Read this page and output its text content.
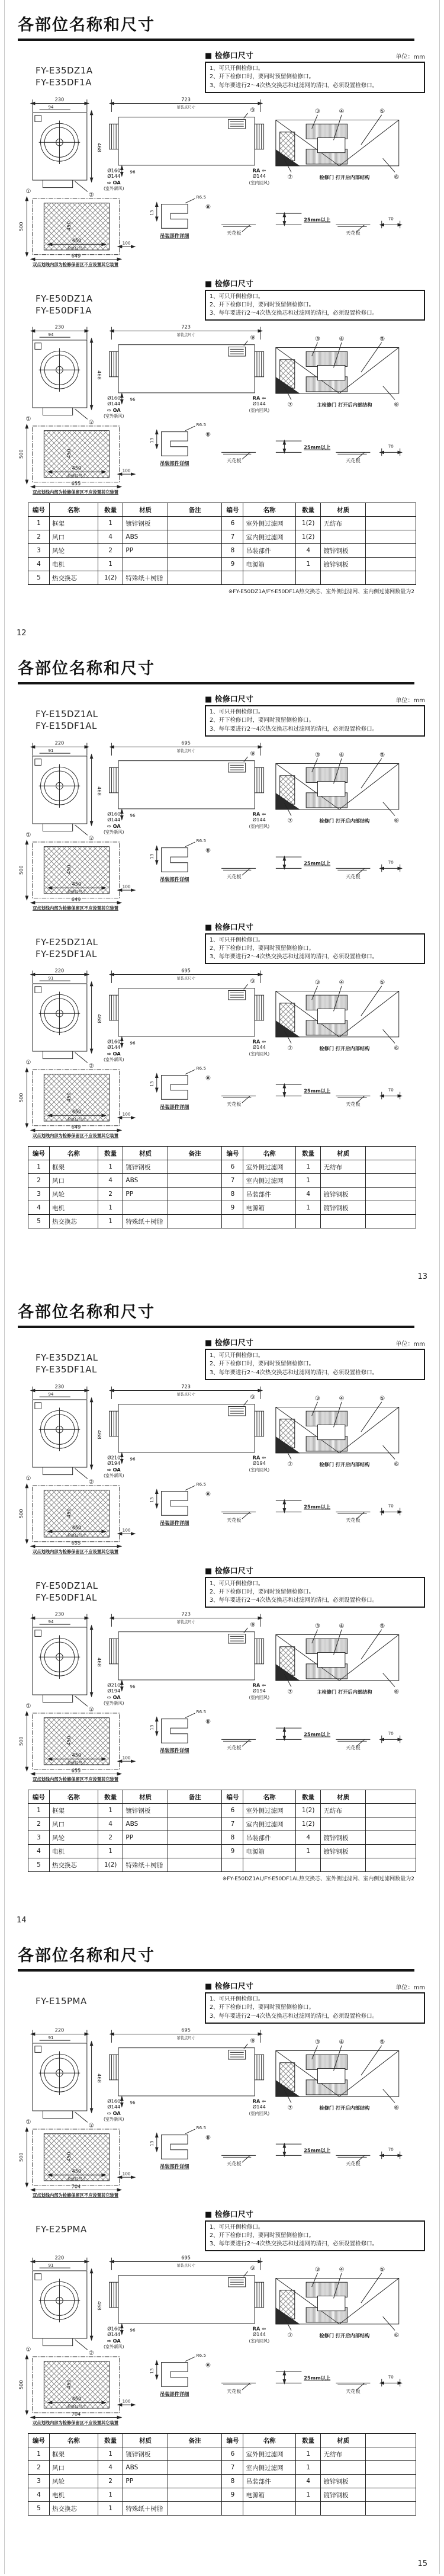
各部位名称和尺寸
FY-E35DZ1A
FY-E35DF1A
■ 检修口尺寸	单位：mm
1、可只开侧检修口。
2、开下检修口时，要同时预留侧检修口。
3、每年要进行2～4次热交换芯和过滤网的清扫，必须设置检修口。
230
94
468
①
②
723
吊装点尺寸	⑨
Ø160
Ø144
⇨ OA
(室外新风)
RA ⇦
Ø144
(室内回风)
96
③	④	⑤
⑦	检修门 打开后内部结构	⑥
500	450
450
检修口尺寸
100
649
双点划线内部为检修保留区不应设置其它装置
R6.5
13
吊装部件详细
⑧
天花板
25mm以上
天花板
70
FY-E50DZ1A
FY-E50DF1A
■ 检修口尺寸
1、可只开侧检修口。
2、开下检修口时，要同时预留侧检修口。
3、每年要进行2～4次热交换芯和过滤网的清扫，必须设置检修口。
230
94
468
①
②
723
吊装点尺寸	⑨
Ø160
Ø144
⇨ OA
(室外新风)
RA ⇦
Ø144
(室内回风)
96
③	④	⑤
⑦	主检修门 打开后内部结构	⑥
500	450
450
检修口尺寸
100
655
双点划线内部为检修保留区不应设置其它装置
R6.5
13
吊装部件详细
⑧
天花板
25mm以上
天花板
70
编号	名称	数量	材质	备注	编号	名称	数量	材质	
1	框架	1	镀锌钢板		6	室外侧过滤网	1(2)	无纺布	
2	风口	4	ABS		7	室内侧过滤网	1(2)		
3	风轮	2	PP		8	吊装部件	4	镀锌钢板	
4	电机	1			9	电源箱	1	镀锌钢板	
5	热交换芯	1(2)	特殊纸＋树脂						
※FY-E50DZ1A/FY-E50DF1A热交换芯、室外侧过滤网、室内侧过滤网数量为2
12
各部位名称和尺寸
FY-E15DZ1AL
FY-E15DF1AL
■ 检修口尺寸	单位：mm
1、可只开侧检修口。
2、开下检修口时，要同时预留侧检修口。
3、每年要进行2～4次热交换芯和过滤网的清扫，必须设置检修口。
220
91
468
①
②
695
吊装点尺寸	⑨
Ø160
Ø144
⇨ OA
(室外新风)
RA ⇦
Ø144
(室内回风)
96
③	④	⑤
⑦	检修门 打开后内部结构	⑥
500	450
450
检修口尺寸
100
649
双点划线内部为检修保留区不应设置其它装置
R6.5
13
吊装部件详细
⑧
天花板
25mm以上
天花板
70
FY-E25DZ1AL
FY-E25DF1AL
■ 检修口尺寸
1、可只开侧检修口。
2、开下检修口时，要同时预留侧检修口。
3、每年要进行2～4次热交换芯和过滤网的清扫，必须设置检修口。
220
91
468
①
②
695
吊装点尺寸	⑨
Ø160
Ø144
⇨ OA
(室外新风)
RA ⇦
Ø144
(室内回风)
96
③	④	⑤
⑦	检修门 打开后内部结构	⑥
500	450
450
检修口尺寸
100
649
双点划线内部为检修保留区不应设置其它装置
R6.5
13
吊装部件详细
⑧
天花板
25mm以上
天花板
70
编号	名称	数量	材质	备注	编号	名称	数量	材质	
1	框架	1	镀锌钢板		6	室外侧过滤网	1	无纺布	
2	风口	4	ABS		7	室内侧过滤网	1		
3	风轮	2	PP		8	吊装部件	4	镀锌钢板	
4	电机	1			9	电源箱	1	镀锌钢板	
5	热交换芯	1	特殊纸＋树脂						
13
各部位名称和尺寸
FY-E35DZ1AL
FY-E35DF1AL
■ 检修口尺寸	单位：mm
1、可只开侧检修口。
2、开下检修口时，要同时预留侧检修口。
3、每年要进行2～4次热交换芯和过滤网的清扫，必须设置检修口。
230
94
468
①
②
723
吊装点尺寸	⑨
Ø210
Ø194
⇨ OA
(室外新风)
RA ⇦
Ø194
(室内回风)
96
③	④	⑤
⑦	检修门 打开后内部结构	⑥
500	450
450
检修口尺寸
100
655
双点划线内部为检修保留区不应设置其它装置
R6.5
13
吊装部件详细
⑧
天花板
25mm以上
天花板
70
FY-E50DZ1AL
FY-E50DF1AL
■ 检修口尺寸
1、可只开侧检修口。
2、开下检修口时，要同时预留侧检修口。
3、每年要进行2～4次热交换芯和过滤网的清扫，必须设置检修口。
230
94
468
①
②
723
吊装点尺寸	⑨
Ø210
Ø194
⇨ OA
(室外新风)
RA ⇦
Ø194
(室内回风)
96
③	④	⑤
⑦	主检修门 打开后内部结构	⑥
500	450
450
检修口尺寸
100
655
双点划线内部为检修保留区不应设置其它装置
R6.5
13
吊装部件详细
⑧
天花板
25mm以上
天花板
70
编号	名称	数量	材质	备注	编号	名称	数量	材质	
1	框架	1	镀锌钢板		6	室外侧过滤网	1(2)	无纺布	
2	风口	4	ABS		7	室内侧过滤网	1(2)		
3	风轮	2	PP		8	吊装部件	4	镀锌钢板	
4	电机	1			9	电源箱	1	镀锌钢板	
5	热交换芯	1(2)	特殊纸＋树脂						
※FY-E50DZ1AL/FY-E50DF1AL热交换芯、室外侧过滤网、室内侧过滤网数量为2
14
各部位名称和尺寸
FY-E15PMA
■ 检修口尺寸	单位：mm
1、可只开侧检修口。
2、开下检修口时，要同时预留侧检修口。
3、每年要进行2～4次热交换芯和过滤网的清扫，必须设置检修口。
220
91
468
①
②
695
吊装点尺寸	⑨
Ø160
Ø144
⇨ OA
(室外新风)
RA ⇦
Ø144
(室内回风)
96
③	④	⑤
⑦	检修门 打开后内部结构	⑥
500	450
450
检修口尺寸
100
704
双点划线内部为检修保留区不应设置其它装置
R6.5
13
吊装部件详细
⑧
天花板
25mm以上
天花板
70
FY-E25PMA
■ 检修口尺寸
1、可只开侧检修口。
2、开下检修口时，要同时预留侧检修口。
3、每年要进行2～4次热交换芯和过滤网的清扫，必须设置检修口。
220
91
468
①
②
695
吊装点尺寸	⑨
Ø160
Ø144
⇨ OA
(室外新风)
RA ⇦
Ø144
(室内回风)
96
③	④	⑤
⑦	检修门 打开后内部结构	⑥
500	450
450
检修口尺寸
100
704
双点划线内部为检修保留区不应设置其它装置
R6.5
13
吊装部件详细
⑧
天花板
25mm以上
天花板
70
编号	名称	数量	材质	备注	编号	名称	数量	材质	
1	框架	1	镀锌钢板		6	室外侧过滤网	1	无纺布	
2	风口	4	ABS		7	室内侧过滤网	1		
3	风轮	2	PP		8	吊装部件	4	镀锌钢板	
4	电机	1			9	电源箱	1	镀锌钢板	
5	热交换芯	1	特殊纸＋树脂						
15
